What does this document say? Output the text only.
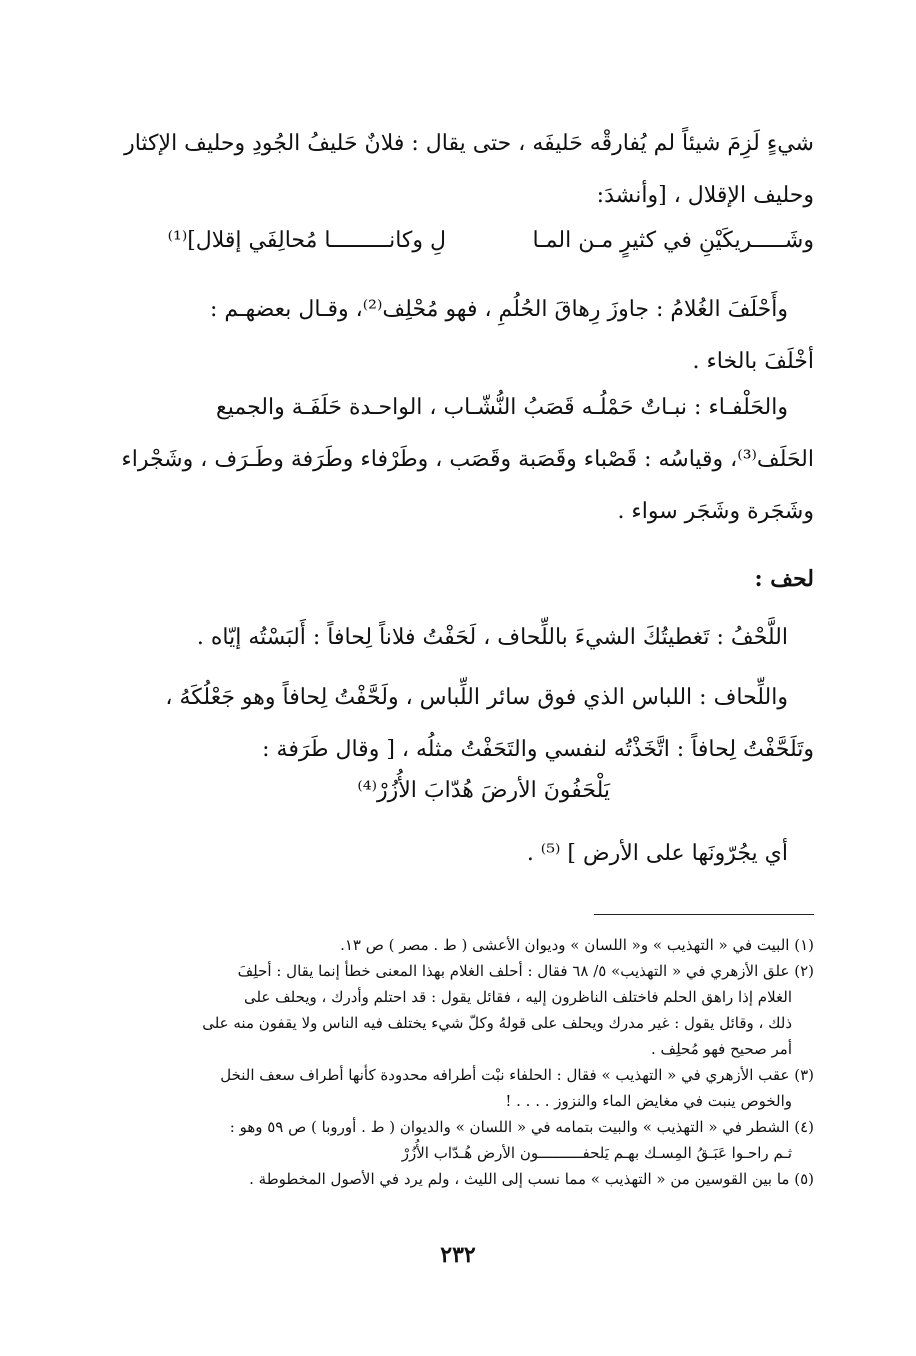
شيءٍ لَزِمَ شيئاً لم يُفارقْه حَليفَه ، حتى يقال : فلانٌ حَليفُ الجُودِ وحليف الإكثار
وحليف الإقلال ، [وأنشدَ:
وشَـــــريكَيْنِ في كثيرٍ مـن المـا
لِ وكانـــــــــا مُحالِفَي إقلال]⁽¹⁾
وأَحْلَفَ الغُلامُ : جاوزَ رِهاقَ الحُلُمِ ، فهو مُحْلِف⁽²⁾، وقـال بعضهـم :
أخْلَفَ بالخاء .
والحَلْفـاء : نبـاتٌ حَمْلُـه قَصَبُ النُّشّـاب ، الواحـدة حَلَفَـة والجميع
الحَلَف⁽³⁾، وقياسُه : قَصْباء وقَصَبة وقَصَب ، وطَرْفاء وطَرَفة وطَـرَف ، وشَجْراء
وشَجَرة وشَجَر سواء .
لحف :
اللَّحْفُ : تَغطيتُكَ الشيءَ باللِّحاف ، لَحَفْتُ فلاناً لِحافاً : أَلبَسْتُه إيّاه .
واللِّحاف : اللباس الذي فوق سائر اللِّباس ، ولَحَّفْتُ لِحافاً وهو جَعْلُكَهُ ،
وتَلَحَّفْتُ لِحافاً : اتَّخَذْتُه لنفسي والتَحَفْتُ مثلُه ، [ وقال طَرَفة :
يَلْحَفُونَ الأرضَ هُدّابَ الأُزُرْ⁽⁴⁾
أي يجُرّونَها على الأرض ] ⁽⁵⁾ .
(١) البيت في « التهذيب » و« اللسان » وديوان الأعشى ( ط . مصر ) ص ١٣.
(٢) علق الأزهري في « التهذيب» ٥/ ٦٨ فقال : أحلف الغلام بهذا المعنى خطأ إنما يقال : أحلِفَ
الغلام إذا راهق الحلم فاختلف الناظرون إليه ، فقائل يقول : قد احتلم وأدرك ، ويحلف على
ذلك ، وقائل يقول : غير مدرك ويحلف على قولهُ وكلّ شيء يختلف فيه الناس ولا يقفون منه على
أمر صحيح فهو مُحلِف .
(٣) عقب الأزهري في « التهذيب » فقال : الحلفاء نبْت أطرافه محدودة كأنها أطراف سعف النخل
والخوص ينبت في مغايض الماء والنزوز . . . . !
(٤) الشطر في « التهذيب » والبيت بتمامه في « اللسان » والديوان ( ط . أوروبا ) ص ٥٩ وهو :
ثـم راحـوا عَبَـقُ المِسـك بهـم يَلحفــــــــــون الأرض هُـدّاب الأُزُرْ
(٥) ما بين القوسين من « التهذيب » مما نسب إلى الليث ، ولم يرد في الأصول المخطوطة .
٢٣٢
